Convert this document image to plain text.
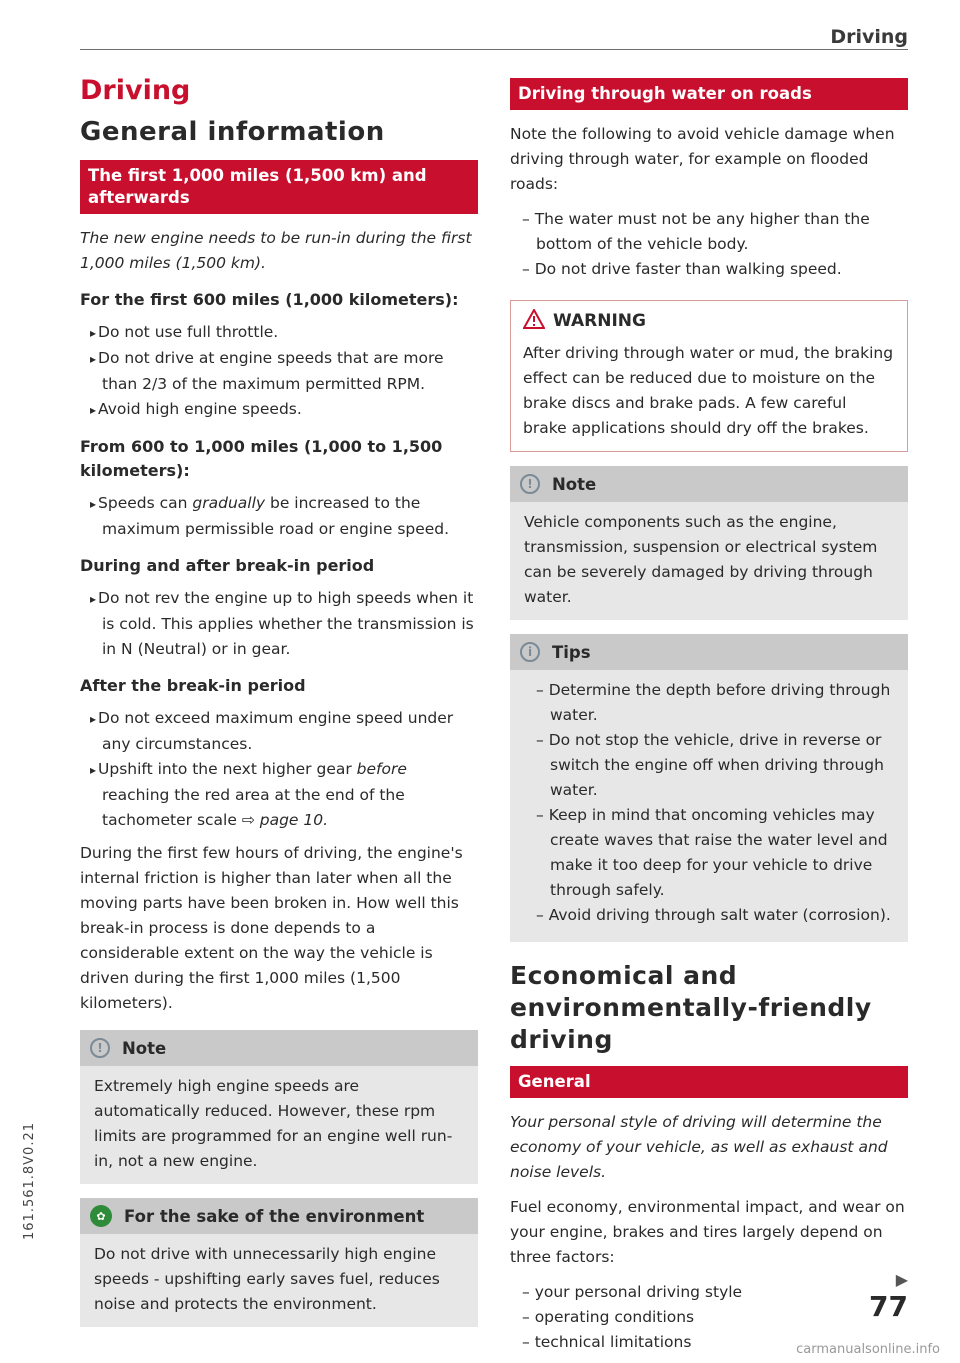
Driving
Driving
General information
The first 1,000 miles (1,500 km) and afterwards

The new engine needs to be run-in during the first 1,000 miles (1,500 km).

For the first 600 miles (1,000 kilometers):
▸ Do not use full throttle.
▸ Do not drive at engine speeds that are more than 2/3 of the maximum permitted RPM.
▸ Avoid high engine speeds.
From 600 to 1,000 miles (1,000 to 1,500 kilometers):
▸ Speeds can gradually be increased to the maximum permissible road or engine speed.
During and after break-in period
▸ Do not rev the engine up to high speeds when it is cold. This applies whether the transmission is in N (Neutral) or in gear.
After the break-in period
▸ Do not exceed maximum engine speed under any circumstances.
▸ Upshift into the next higher gear before reaching the red area at the end of the tachometer scale ⇨ page 10.

During the first few hours of driving, the engine's internal friction is higher than later when all the moving parts have been broken in. How well this break-in process is done depends to a considerable extent on the way the vehicle is driven during the first 1,000 miles (1,500 kilometers).

!	Note

Extremely high engine speeds are automatically reduced. However, these rpm limits are programmed for an engine well run-in, not a new engine.

✿	For the sake of the environment

Do not drive with unnecessarily high engine speeds - upshifting early saves fuel, reduces noise and protects the environment.

Driving through water on roads

Note the following to avoid vehicle damage when driving through water, for example on flooded roads:

– The water must not be any higher than the bottom of the vehicle body.
– Do not drive faster than walking speed.
WARNING

After driving through water or mud, the braking effect can be reduced due to moisture on the brake discs and brake pads. A few careful brake applications should dry off the brakes.

!	Note

Vehicle components such as the engine, transmission, suspension or electrical system can be severely damaged by driving through water.

i	Tips
– Determine the depth before driving through water.
– Do not stop the vehicle, drive in reverse or switch the engine off when driving through water.
– Keep in mind that oncoming vehicles may create waves that raise the water level and make it too deep for your vehicle to drive through safely.
– Avoid driving through salt water (corrosion).
Economical and environmentally-friendly driving
General

Your personal style of driving will determine the economy of your vehicle, as well as exhaust and noise levels.

Fuel economy, environmental impact, and wear on your engine, brakes and tires largely depend on three factors:

– your personal driving style
– operating conditions
– technical limitations
▶
77
161.561.8V0.21
carmanualsonline.info
